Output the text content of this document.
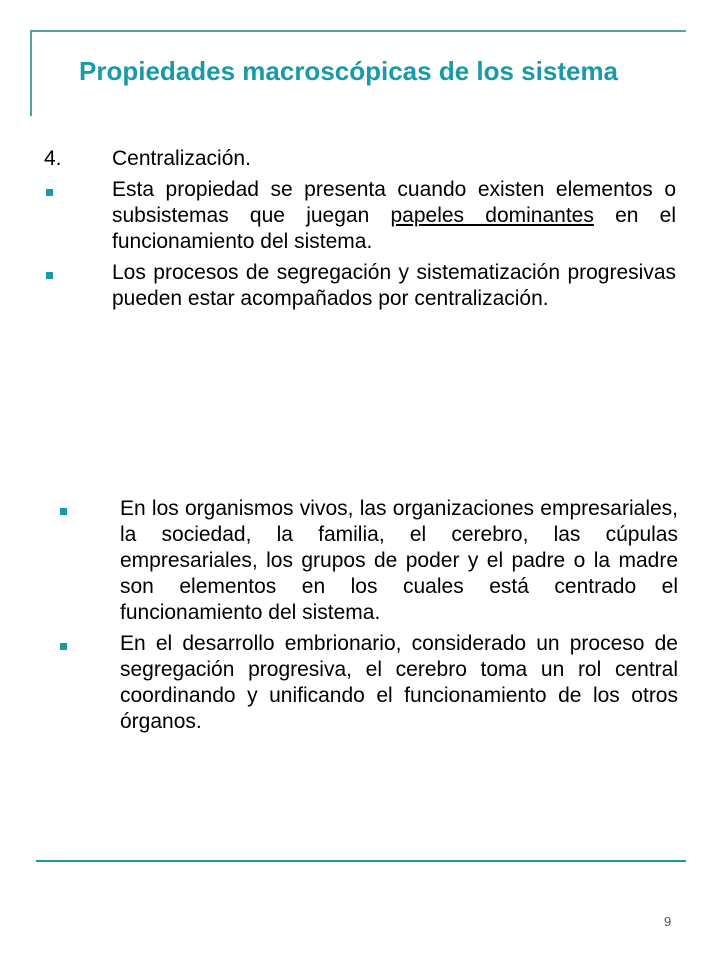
Propiedades macroscópicas de los sistema
4.	Centralización.
Esta propiedad se presenta cuando existen elementos o subsistemas que juegan papeles dominantes en el funcionamiento del sistema.
Los procesos de segregación y sistematización progresivas pueden estar acompañados por centralización.
En los organismos vivos, las organizaciones empresariales, la sociedad, la familia, el cerebro, las cúpulas empresariales, los grupos de poder y el padre o la madre son elementos en los cuales está centrado el funcionamiento del sistema.
En el desarrollo embrionario, considerado un proceso de segregación progresiva, el cerebro toma un rol central coordinando y unificando el funcionamiento de los otros órganos.
9
